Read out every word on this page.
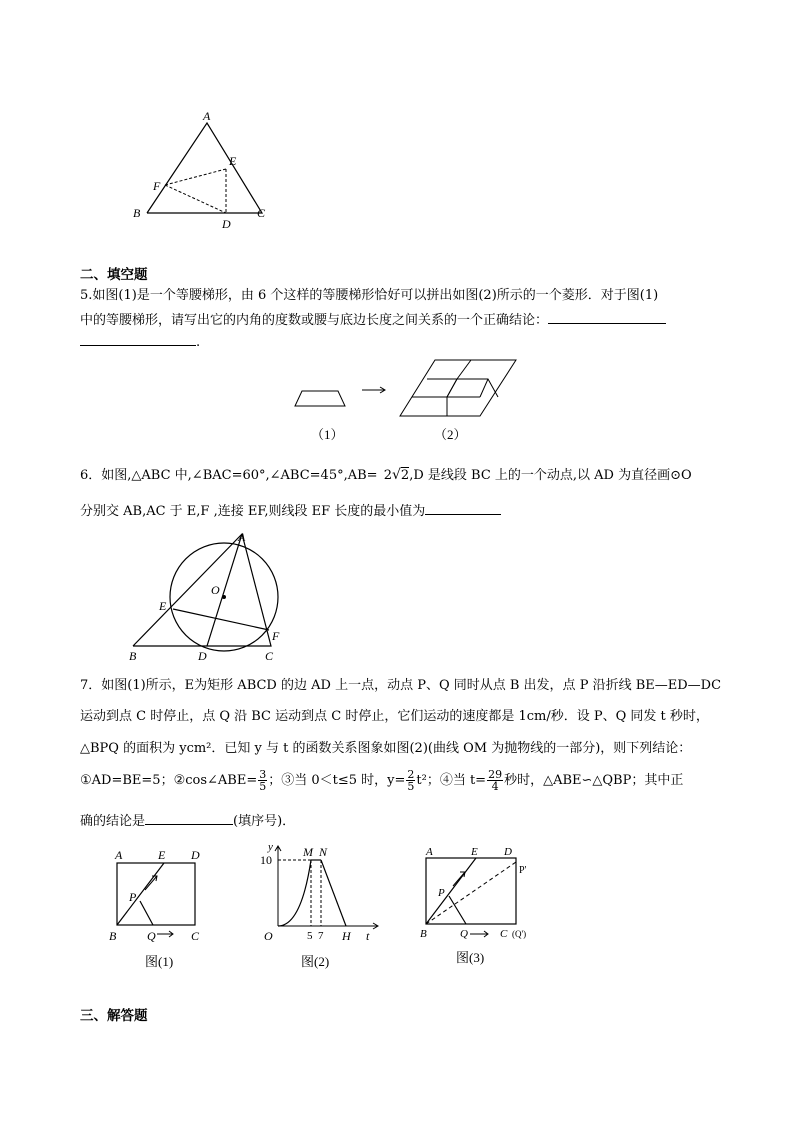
A
E
F
B
D
C
二、填空题
5.如图(1)是一个等腰梯形，由 6 个这样的等腰梯形恰好可以拼出如图(2)所示的一个菱形．对于图(1)
中的等腰梯形，请写出它的内角的度数或腰与底边长度之间关系的一个正确结论：
.
（1）	（2）
6．如图,△ABC 中,∠BAC=60°,∠ABC=45°,AB= 2√2,D 是线段 BC 上的一个动点,以 AD 为直径画⊙O
分别交 AB,AC 于 E,F ,连接 EF,则线段 EF 长度的最小值为
A
O
E
F
B	D	C
7．如图(1)所示，E为矩形 ABCD 的边 AD 上一点，动点 P、Q 同时从点 B 出发，点 P 沿折线 BE—ED—DC
运动到点 C 时停止，点 Q 沿 BC 运动到点 C 时停止，它们运动的速度都是 1cm/秒．设 P、Q 同发 t 秒时，
△BPQ 的面积为 ycm²．已知 y 与 t 的函数关系图象如图(2)(曲线 OM 为抛物线的一部分)，则下列结论：
①AD=BE=5；②cos∠ABE= $\frac{3}{5}$ ；③当 0＜t≤5 时，$y= \frac{2}{5} t^2$；④当 $t= \frac{29}{4}$ 秒时，△ABE∽△QBP；其中正
确的结论是	(填序号)．
A	E D
P
B	Q	C
图(1)
y	M N
10
O	5 7 H t
图(2)
A	E D
P'
P
B	Q	C (Q')
图(3)
三、解答题
